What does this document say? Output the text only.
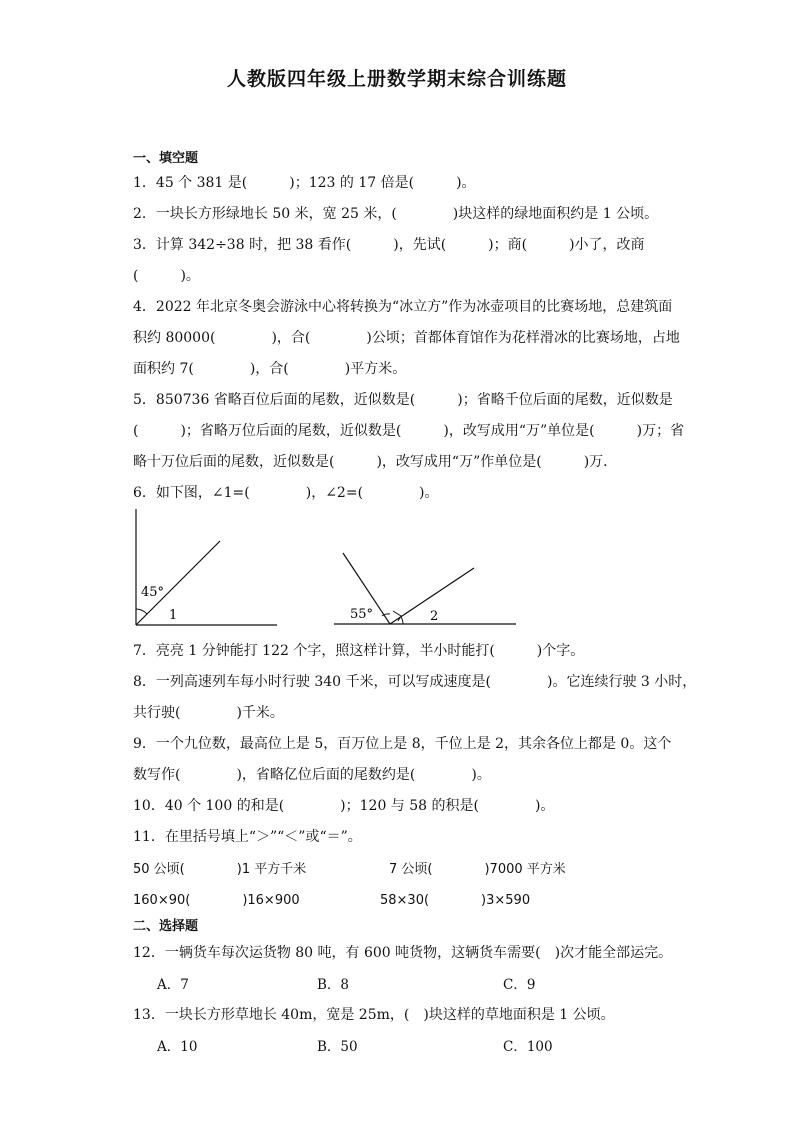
人教版四年级上册数学期末综合训练题
一、填空题
1．45 个 381 是(　　　)；123 的 17 倍是(　　　)。
2．一块长方形绿地长 50 米，宽 25 米，(　　　　)块这样的绿地面积约是 1 公顷。
3．计算 342÷38 时，把 38 看作(　　　)，先试(　　　)；商(　　　)小了，改商
(　　　)。
4．2022 年北京冬奥会游泳中心将转换为“冰立方”作为冰壶项目的比赛场地，总建筑面
积约 80000(　　　　)，合(　　　　)公顷；首都体育馆作为花样滑冰的比赛场地，占地
面积约 7(　　　　)，合(　　　　)平方米。
5．850736 省略百位后面的尾数，近似数是(　　　)；省略千位后面的尾数，近似数是
(　　　)；省略万位后面的尾数，近似数是(　　　)，改写成用“万”单位是(　　　)万；省
略十万位后面的尾数，近似数是(　　　)，改写成用“万”作单位是(　　　)万．
6．如下图，∠1=(　　　　)，∠2=(　　　　)。
45°
1	55°	2
7．亮亮 1 分钟能打 122 个字，照这样计算，半小时能打(　　　)个字。
8．一列高速列车每小时行驶 340 千米，可以写成速度是(　　　　)。它连续行驶 3 小时，
共行驶(　　　　)千米。
9．一个九位数，最高位上是 5，百万位上是 8，千位上是 2，其余各位上都是 0。这个
数写作(　　　　)，省略亿位后面的尾数约是(　　　　)。
10．40 个 100 的和是(　　　　)；120 与 58 的积是(　　　　)。
11．在里括号填上“＞”“＜”或“＝”。
50 公顷(　　　　)1 平方千米	7 公顷(　　　　)7000 平方米
160×90(　　　　)16×900	58×30(　　　　)3×590
二、选择题
12．一辆货车每次运货物 80 吨，有 600 吨货物，这辆货车需要(　)次才能全部运完。
A．7	B．8	C．9
13．一块长方形草地长 40m，宽是 25m，(　)块这样的草地面积是 1 公顷。
A．10	B．50	C．100
